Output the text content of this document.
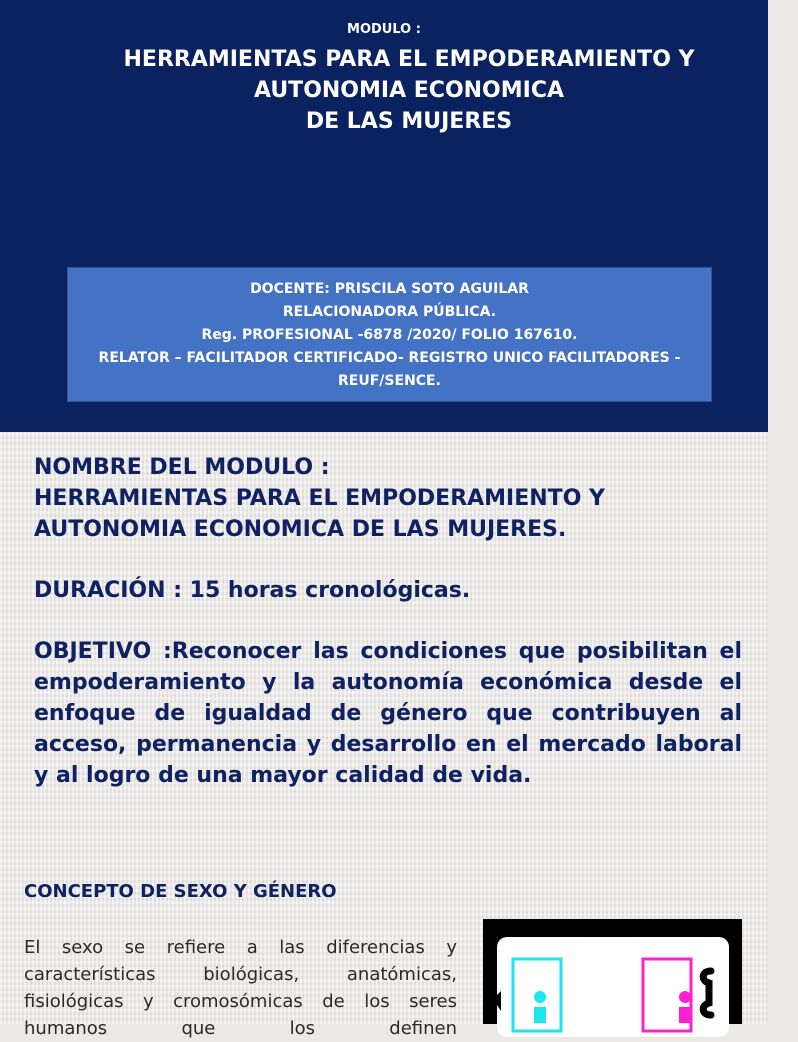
MODULO :
HERRAMIENTAS PARA EL EMPODERAMIENTO Y
AUTONOMIA ECONOMICA
DE LAS MUJERES
DOCENTE: PRISCILA SOTO AGUILAR
RELACIONADORA PÚBLICA.
Reg. PROFESIONAL -6878 /2020/ FOLIO 167610.
RELATOR – FACILITADOR CERTIFICADO- REGISTRO UNICO FACILITADORES -
REUF/SENCE.
NOMBRE DEL MODULO :
HERRAMIENTAS PARA EL EMPODERAMIENTO Y
AUTONOMIA ECONOMICA DE LAS MUJERES.
DURACIÓN : 15 horas cronológicas.

OBJETIVO :Reconocer las condiciones que posibilitan el empoderamiento y la autonomía económica desde el enfoque de igualdad de género que contribuyen al acceso, permanencia y desarrollo en el mercado laboral y al logro de una mayor calidad de vida.

CONCEPTO DE SEXO Y GÉNERO
El sexo se refiere a las diferencias y características biológicas, anatómicas, fisiológicas y cromosómicas de los seres humanos que los definen
